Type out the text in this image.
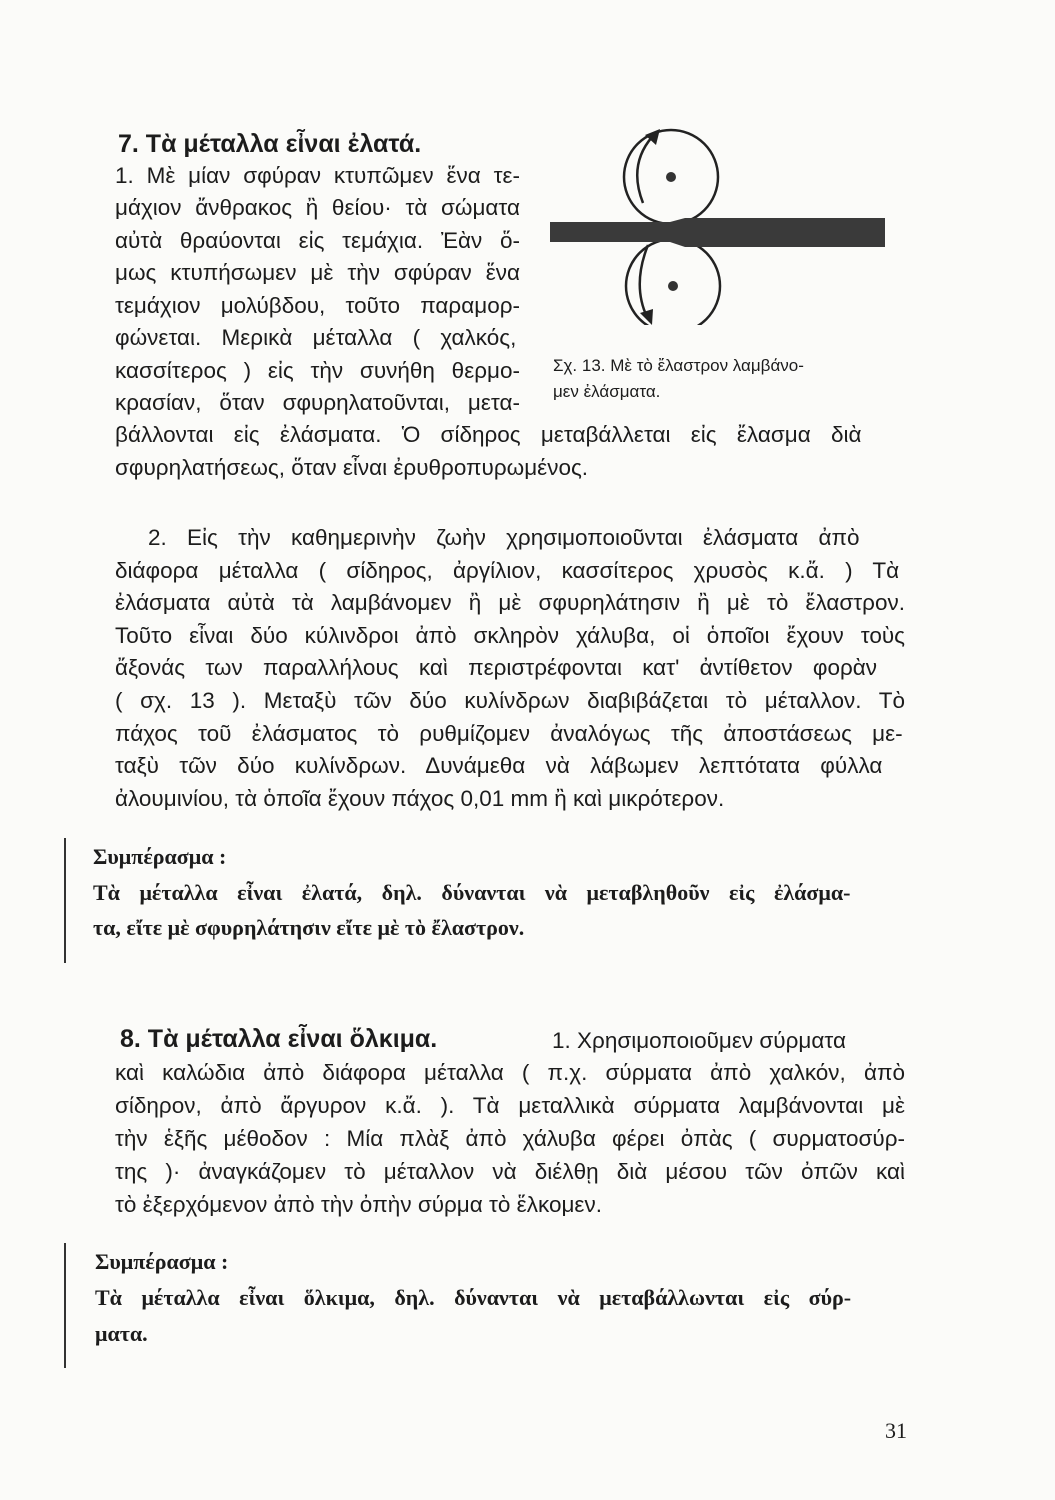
7. Τὰ μέταλλα εἶναι ἐλατά.
1. Μὲ μίαν σφύραν κτυπῶμεν ἕνα τε-
μάχιον ἄνθρακος ἢ θείου· τὰ σώματα
αὐτὰ θραύονται εἰς τεμάχια. Ἐὰν ὅ-
μως κτυπήσωμεν μὲ τὴν σφύραν ἕνα
τεμάχιον μολύβδου, τοῦτο παραμορ-
φώνεται. Μερικὰ μέταλλα ( χαλκός,
κασσίτερος ) εἰς τὴν συνήθη θερμο-
κρασίαν, ὅταν σφυρηλατοῦνται, μετα-
βάλλονται εἰς ἐλάσματα. Ὁ σίδηρος μεταβάλλεται εἰς ἔλασμα διὰ
σφυρηλατήσεως, ὅταν εἶναι ἐρυθροπυρωμένος.
2. Εἰς τὴν καθημερινὴν ζωὴν χρησιμοποιοῦνται ἐλάσματα ἀπὸ
διάφορα μέταλλα ( σίδηρος, ἀργίλιον, κασσίτερος χρυσὸς κ.ἄ. ) Τὰ
ἐλάσματα αὐτὰ τὰ λαμβάνομεν ἢ μὲ σφυρηλάτησιν ἢ μὲ τὸ ἔλαστρον.
Τοῦτο εἶναι δύο κύλινδροι ἀπὸ σκληρὸν χάλυβα, οἱ ὁποῖοι ἔχουν τοὺς
ἄξονάς των παραλλήλους καὶ περιστρέφονται κατ' ἀντίθετον φορὰν
( σχ. 13 ). Μεταξὺ τῶν δύο κυλίνδρων διαβιβάζεται τὸ μέταλλον. Τὸ
πάχος τοῦ ἐλάσματος τὸ ρυθμίζομεν ἀναλόγως τῆς ἀποστάσεως με-
ταξὺ τῶν δύο κυλίνδρων. Δυνάμεθα νὰ λάβωμεν λεπτότατα φύλλα
ἀλουμινίου, τὰ ὁποῖα ἔχουν πάχος 0,01 mm ἢ καὶ μικρότερον.
Σχ. 13. Μὲ τὸ ἔλαστρον λαμβάνο-
μεν ἐλάσματα.
Συμπέρασμα :
Τὰ μέταλλα εἶναι ἐλατά, δηλ. δύνανται νὰ μεταβληθοῦν εἰς ἐλάσμα-
τα, εἴτε μὲ σφυρηλάτησιν εἴτε μὲ τὸ ἔλαστρον.
8. Τὰ μέταλλα εἶναι ὅλκιμα.	1. Χρησιμοποιοῦμεν σύρματα
καὶ καλώδια ἀπὸ διάφορα μέταλλα ( π.χ. σύρματα ἀπὸ χαλκόν, ἀπὸ
σίδηρον, ἀπὸ ἄργυρον κ.ἄ. ). Τὰ μεταλλικὰ σύρματα λαμβάνονται μὲ
τὴν ἑξῆς μέθοδον : Μία πλὰξ ἀπὸ χάλυβα φέρει ὀπὰς ( συρματοσύρ-
της )· ἀναγκάζομεν τὸ μέταλλον νὰ διέλθῃ διὰ μέσου τῶν ὀπῶν καὶ
τὸ ἐξερχόμενον ἀπὸ τὴν ὀπὴν σύρμα τὸ ἕλκομεν.
Συμπέρασμα :
Τὰ μέταλλα εἶναι ὅλκιμα, δηλ. δύνανται νὰ μεταβάλλωνται εἰς σύρ-
ματα.
31
